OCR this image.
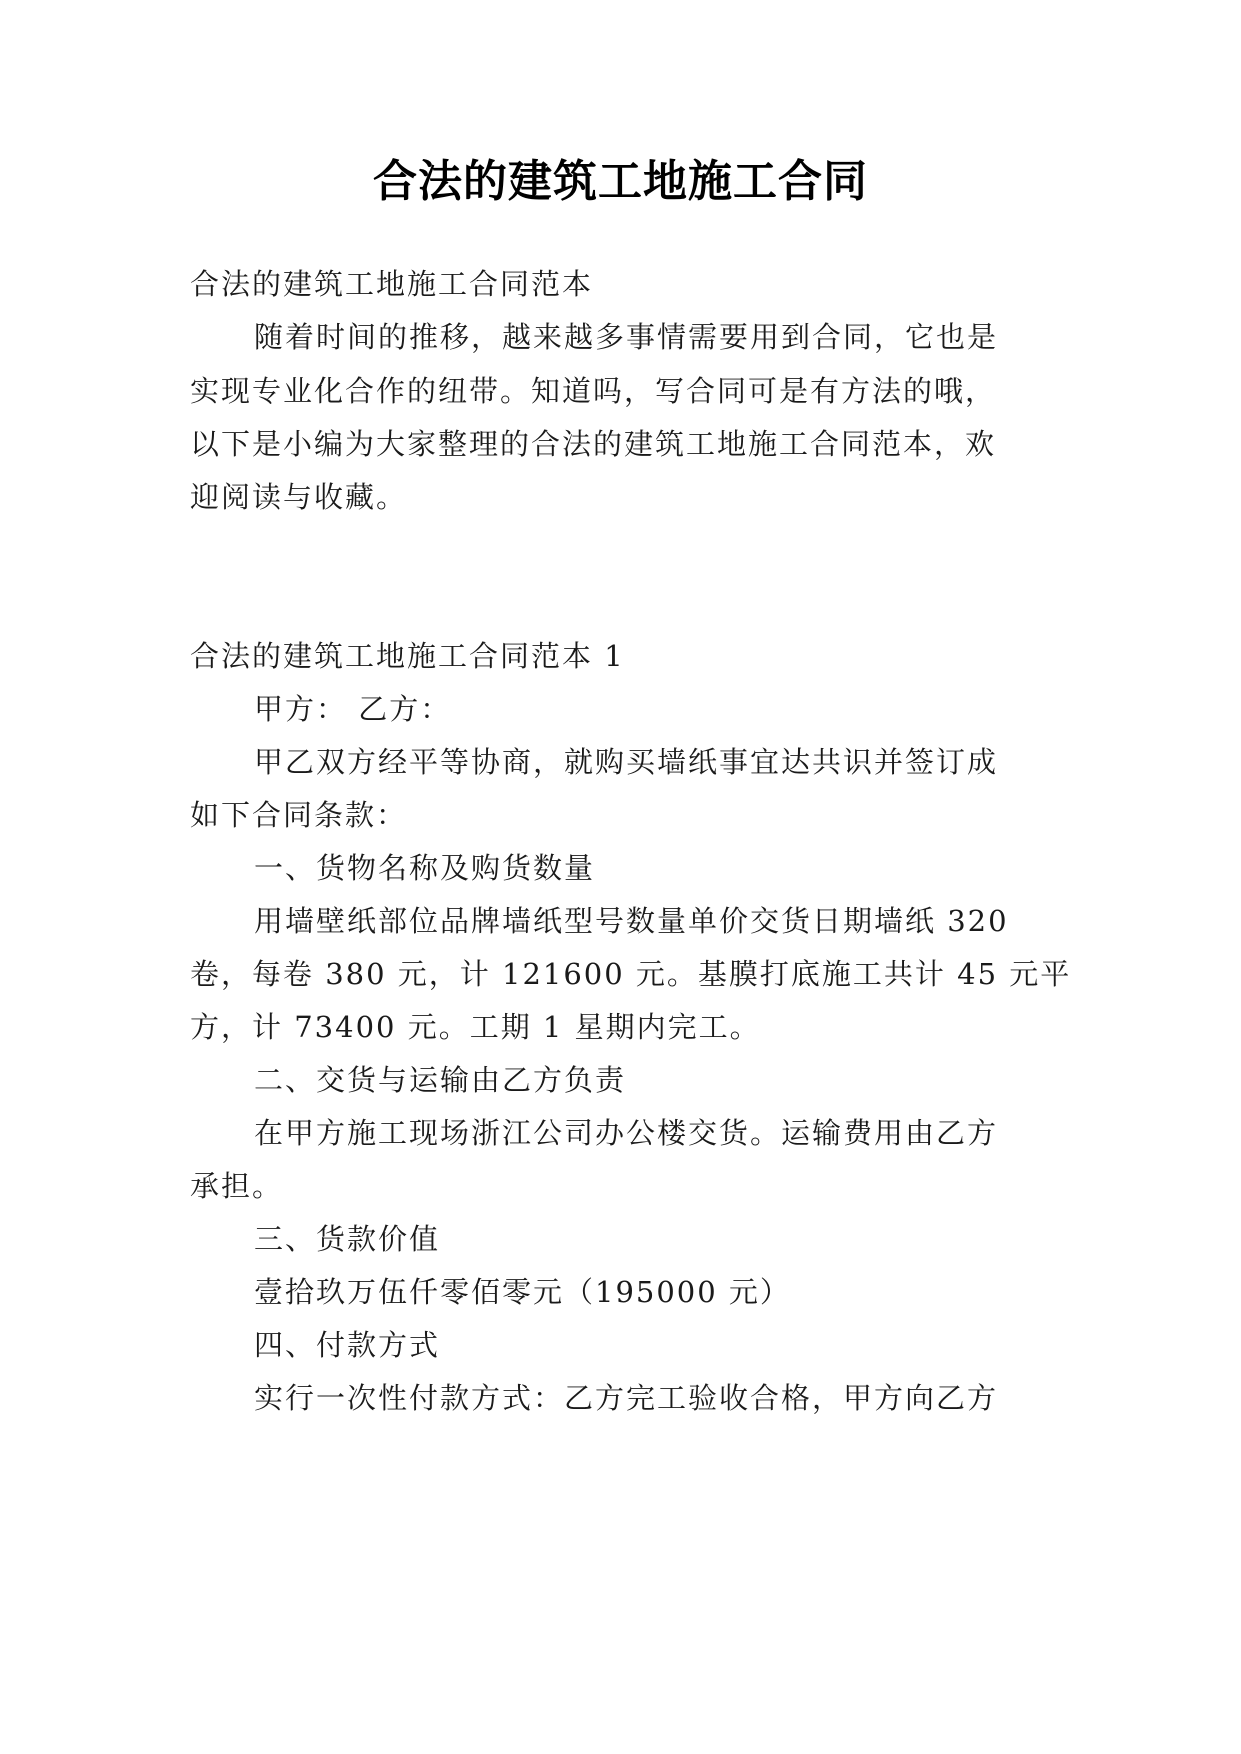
合法的建筑工地施工合同
合法的建筑工地施工合同范本
随着时间的推移，越来越多事情需要用到合同，它也是
实现专业化合作的纽带。知道吗，写合同可是有方法的哦，
以下是小编为大家整理的合法的建筑工地施工合同范本，欢
迎阅读与收藏。
合法的建筑工地施工合同范本 1
甲方： 乙方：
甲乙双方经平等协商，就购买墙纸事宜达共识并签订成
如下合同条款：
一、货物名称及购货数量
用墙壁纸部位品牌墙纸型号数量单价交货日期墙纸 320
卷，每卷 380 元，计 121600 元。基膜打底施工共计 45 元平
方，计 73400 元。工期 1 星期内完工。
二、交货与运输由乙方负责
在甲方施工现场浙江公司办公楼交货。运输费用由乙方
承担。
三、货款价值
壹拾玖万伍仟零佰零元（195000 元）
四、付款方式
实行一次性付款方式：乙方完工验收合格，甲方向乙方
